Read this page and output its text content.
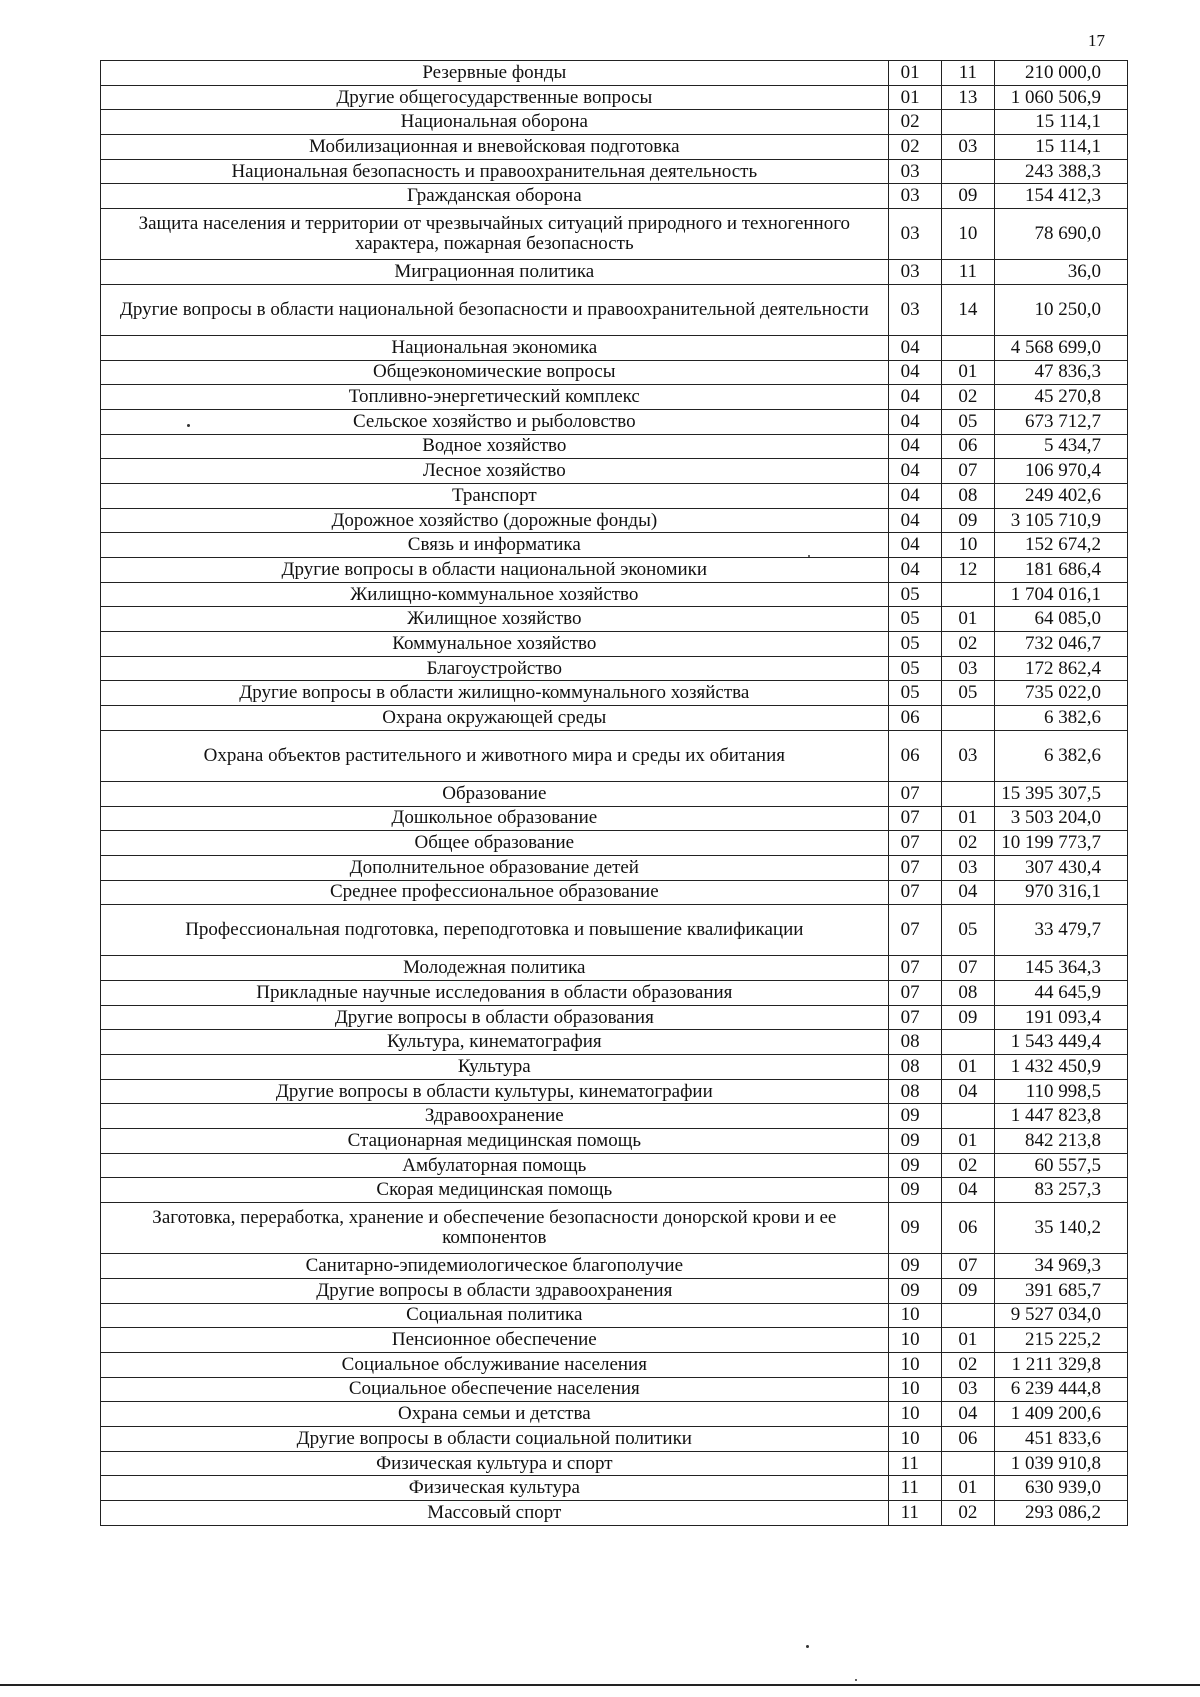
17
Резервные фонды	01	11	210 000,0
Другие общегосударственные вопросы	01	13	1 060 506,9
Национальная оборона	02		15 114,1
Мобилизационная и вневойсковая подготовка	02	03	15 114,1
Национальная безопасность и правоохранительная деятельность	03		243 388,3
Гражданская оборона	03	09	154 412,3
Защита населения и территории от чрезвычайных ситуаций природного и техногенного характера, пожарная безопасность	03	10	78 690,0
Миграционная политика	03	11	36,0
Другие вопросы в области национальной безопасности и правоохранительной деятельности	03	14	10 250,0
Национальная экономика	04		4 568 699,0
Общеэкономические вопросы	04	01	47 836,3
Топливно-энергетический комплекс	04	02	45 270,8
Сельское хозяйство и рыболовство	04	05	673 712,7
Водное хозяйство	04	06	5 434,7
Лесное хозяйство	04	07	106 970,4
Транспорт	04	08	249 402,6
Дорожное хозяйство (дорожные фонды)	04	09	3 105 710,9
Связь и информатика	04	10	152 674,2
Другие вопросы в области национальной экономики	04	12	181 686,4
Жилищно-коммунальное хозяйство	05		1 704 016,1
Жилищное хозяйство	05	01	64 085,0
Коммунальное хозяйство	05	02	732 046,7
Благоустройство	05	03	172 862,4
Другие вопросы в области жилищно-коммунального хозяйства	05	05	735 022,0
Охрана окружающей среды	06		6 382,6
Охрана объектов растительного и животного мира и среды их обитания	06	03	6 382,6
Образование	07		15 395 307,5
Дошкольное образование	07	01	3 503 204,0
Общее образование	07	02	10 199 773,7
Дополнительное образование детей	07	03	307 430,4
Среднее профессиональное образование	07	04	970 316,1
Профессиональная подготовка, переподготовка и повышение квалификации	07	05	33 479,7
Молодежная политика	07	07	145 364,3
Прикладные научные исследования в области образования	07	08	44 645,9
Другие вопросы в области образования	07	09	191 093,4
Культура, кинематография	08		1 543 449,4
Культура	08	01	1 432 450,9
Другие вопросы в области культуры, кинематографии	08	04	110 998,5
Здравоохранение	09		1 447 823,8
Стационарная медицинская помощь	09	01	842 213,8
Амбулаторная помощь	09	02	60 557,5
Скорая медицинская помощь	09	04	83 257,3
Заготовка, переработка, хранение и обеспечение безопасности донорской крови и ее компонентов	09	06	35 140,2
Санитарно-эпидемиологическое благополучие	09	07	34 969,3
Другие вопросы в области здравоохранения	09	09	391 685,7
Социальная политика	10		9 527 034,0
Пенсионное обеспечение	10	01	215 225,2
Социальное обслуживание населения	10	02	1 211 329,8
Социальное обеспечение населения	10	03	6 239 444,8
Охрана семьи и детства	10	04	1 409 200,6
Другие вопросы в области социальной политики	10	06	451 833,6
Физическая культура и спорт	11		1 039 910,8
Физическая культура	11	01	630 939,0
Массовый спорт	11	02	293 086,2
